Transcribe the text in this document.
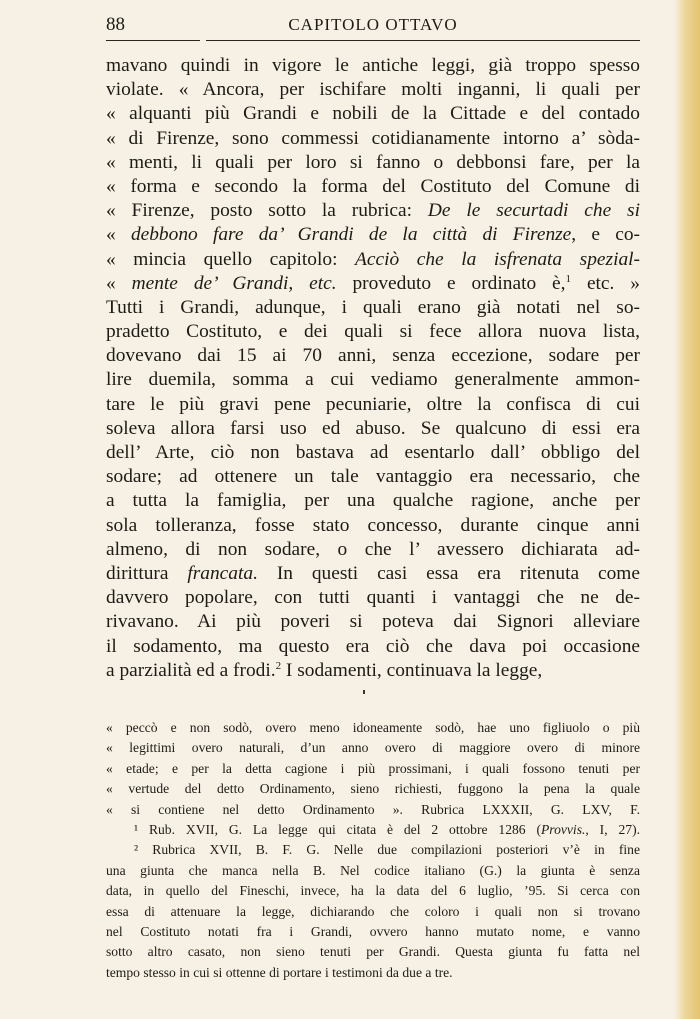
88	CAPITOLO OTTAVO
mavano quindi in vigore le antiche leggi, già troppo spesso
violate. « Ancora, per ischifare molti inganni, li quali per
« alquanti più Grandi e nobili de la Cittade e del contado
« di Firenze, sono commessi cotidianamente intorno a’ sòda-
« menti, li quali per loro si fanno o debbonsi fare, per la
« forma e secondo la forma del Costituto del Comune di
« Firenze, posto sotto la rubrica: De le securtadi che si
« debbono fare da’ Grandi de la città di Firenze, e co-
« mincia quello capitolo: Acciò che la isfrenata spezial-
« mente de’ Grandi, etc. proveduto e ordinato è,$^1$ etc. »
Tutti i Grandi, adunque, i quali erano già notati nel so-
pradetto Costituto, e dei quali si fece allora nuova lista,
dovevano dai 15 ai 70 anni, senza eccezione, sodare per
lire duemila, somma a cui vediamo generalmente ammon-
tare le più gravi pene pecuniarie, oltre la confisca di cui
soleva allora farsi uso ed abuso. Se qualcuno di essi era
dell’ Arte, ciò non bastava ad esentarlo dall’ obbligo del
sodare; ad ottenere un tale vantaggio era necessario, che
a tutta la famiglia, per una qualche ragione, anche per
sola tolleranza, fosse stato concesso, durante cinque anni
almeno, di non sodare, o che l’ avessero dichiarata ad-
dirittura francata. In questi casi essa era ritenuta come
davvero popolare, con tutti quanti i vantaggi che ne de-
rivavano. Ai più poveri si poteva dai Signori alleviare
il sodamento, ma questo era ciò che dava poi occasione
a parzialità ed a frodi.$^2$ I sodamenti, continuava la legge,
« peccò e non sodò, overo meno idoneamente sodò, hae uno figliuolo o più
« legittimi overo naturali, d’un anno overo di maggiore overo di minore
« etade; e per la detta cagione i più prossimani, i quali fossono tenuti per
« vertude del detto Ordinamento, sieno richiesti, fuggono la pena la quale
« si contiene nel detto Ordinamento ». Rubrica LXXXII, G. LXV, F.
¹ Rub. XVII, G. La legge qui citata è del 2 ottobre 1286 (Provvis., I, 27).
² Rubrica XVII, B. F. G. Nelle due compilazioni posteriori v’è in fine
una giunta che manca nella B. Nel codice italiano (G.) la giunta è senza
data, in quello del Fineschi, invece, ha la data del 6 luglio, ’95. Si cerca con
essa di attenuare la legge, dichiarando che coloro i quali non si trovano
nel Costituto notati fra i Grandi, ovvero hanno mutato nome, e vanno
sotto altro casato, non sieno tenuti per Grandi. Questa giunta fu fatta nel
tempo stesso in cui si ottenne di portare i testimoni da due a tre.
